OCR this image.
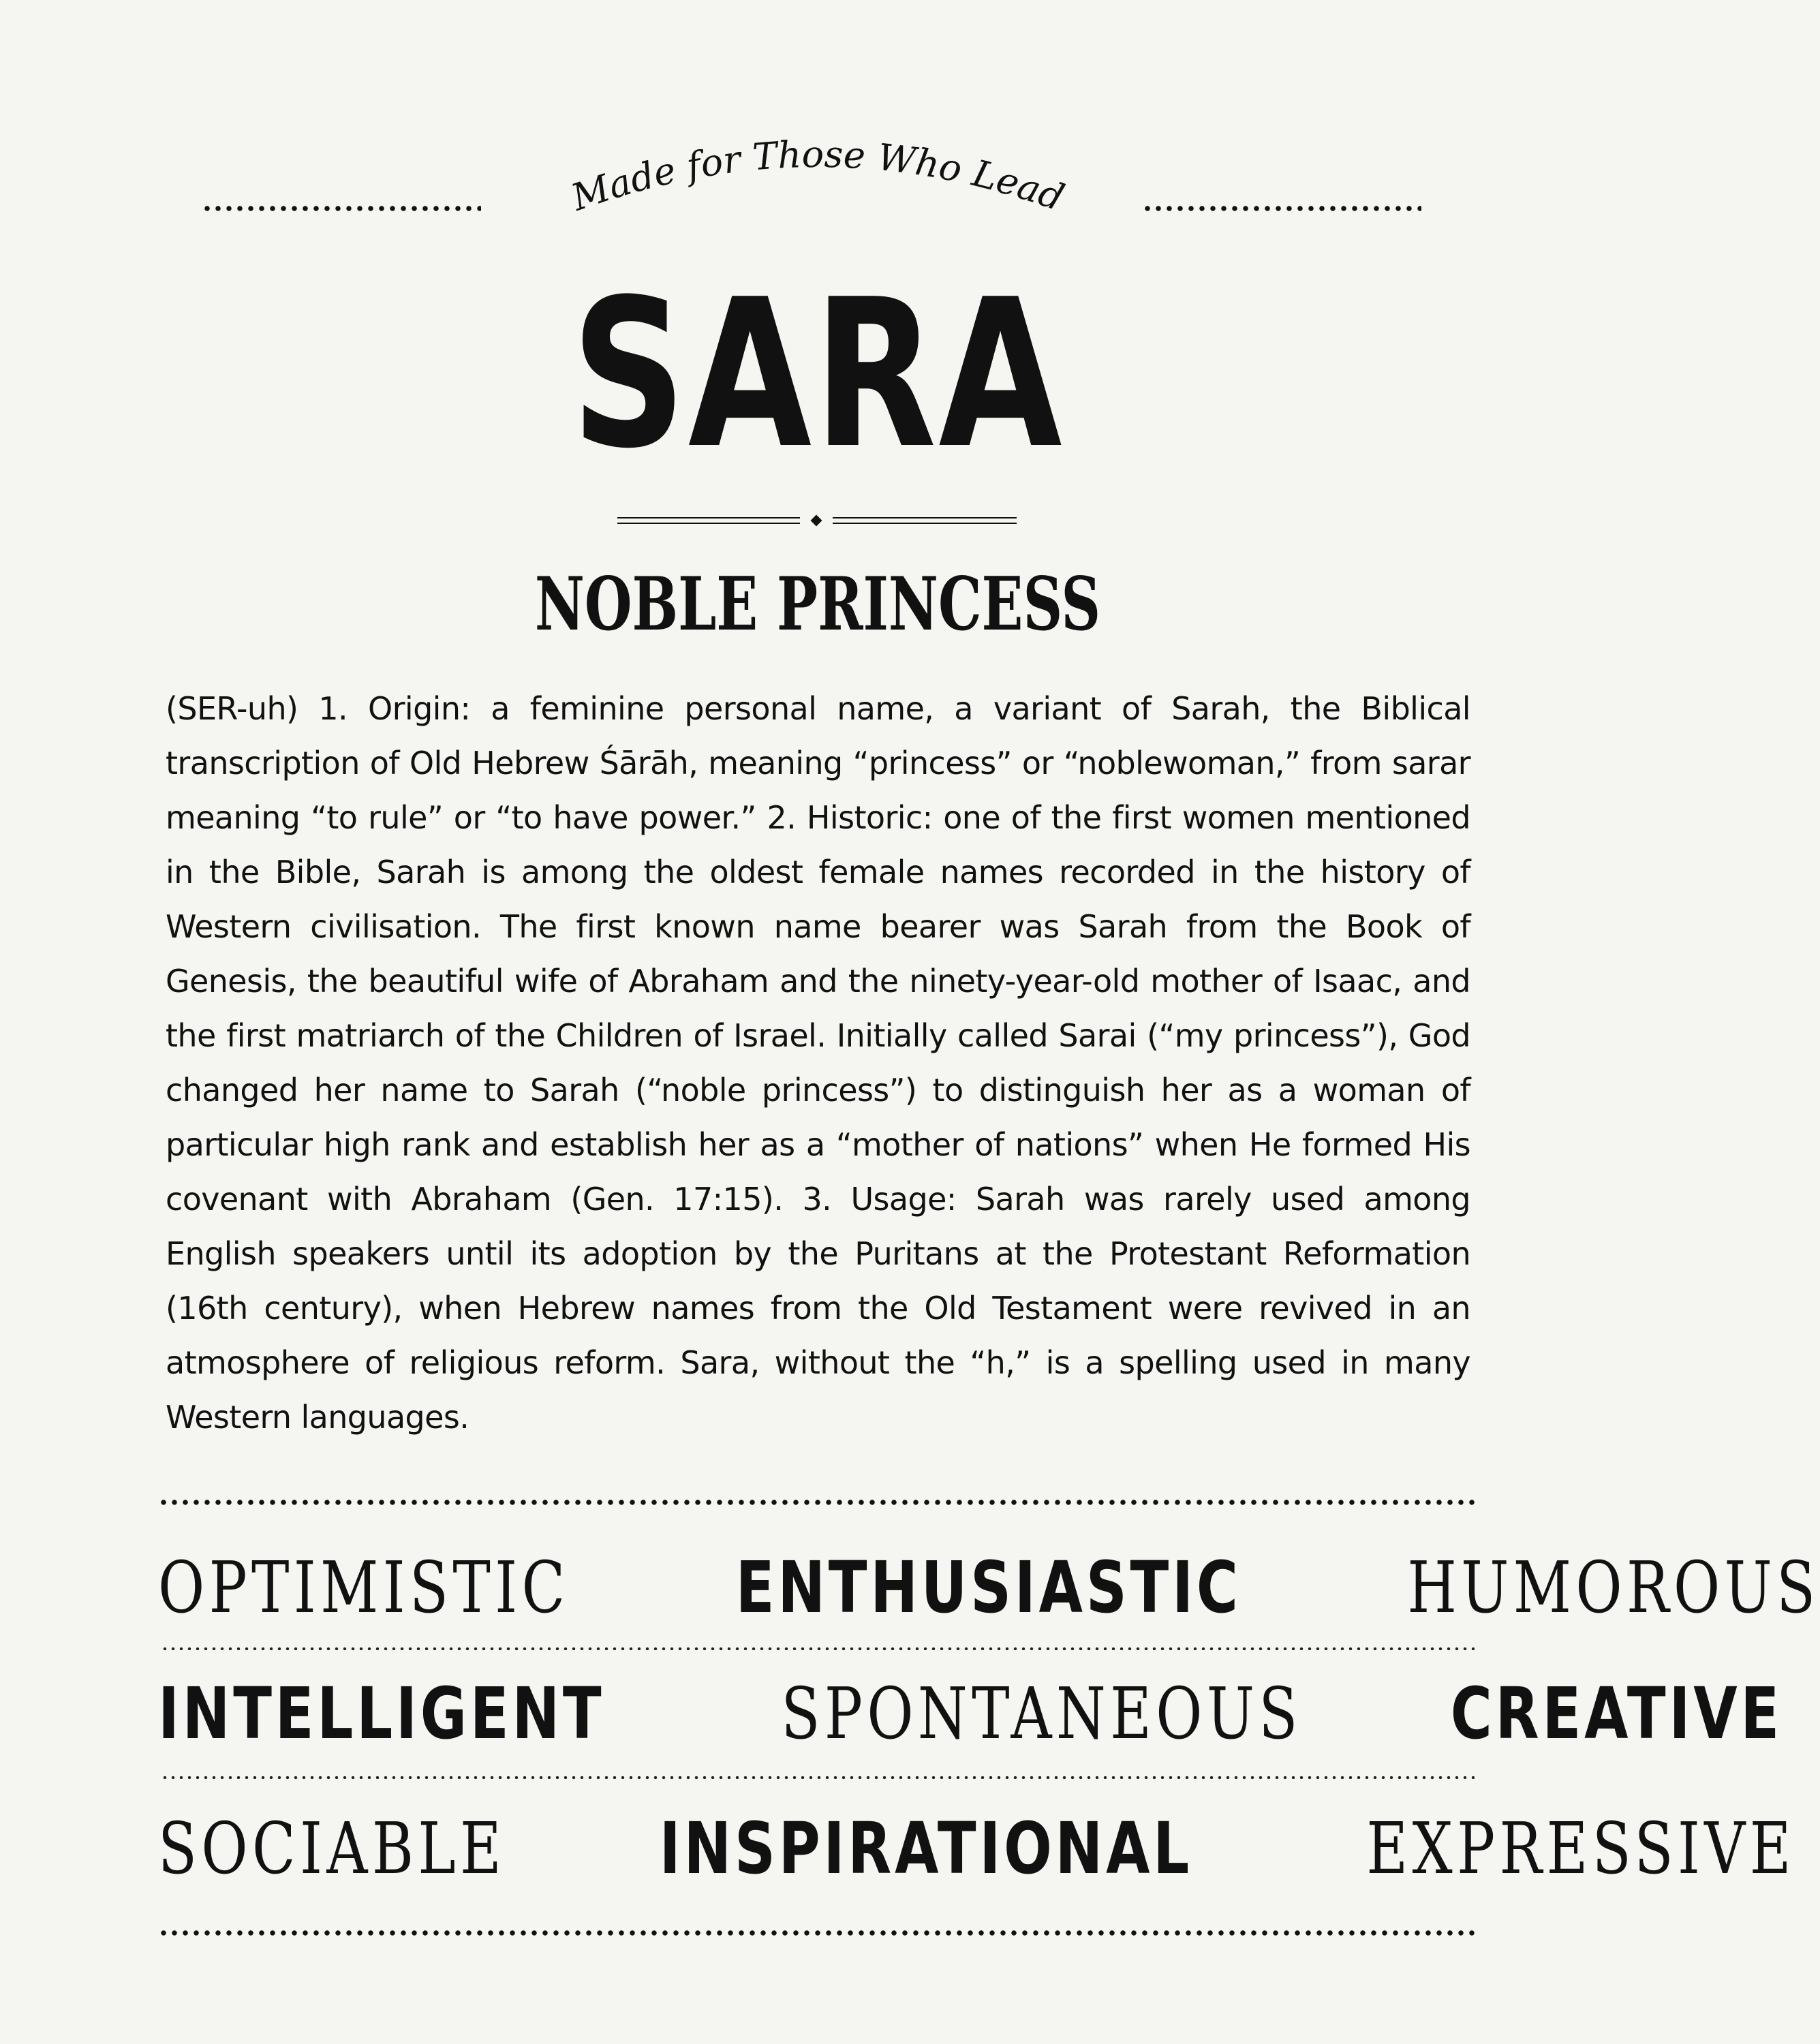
Made for Those Who Lead
SARA
NOBLE PRINCESS

(SER-uh) 1. Origin: a feminine personal name, a variant of Sarah, the Biblical transcription of Old Hebrew Śārāh, meaning “princess” or “noblewoman,” from sarar meaning “to rule” or “to have power.” 2. Historic: one of the first women mentioned in the Bible, Sarah is among the oldest female names recorded in the history of Western civilisation. The first known name bearer was Sarah from the Book of Genesis, the beautiful wife of Abraham and the ninety-year-old mother of Isaac, and the first matriarch of the Children of Israel. Initially called Sarai (“my princess”), God changed her name to Sarah (“noble princess”) to distinguish her as a woman of particular high rank and establish her as a “mother of nations” when He formed His covenant with Abraham (Gen. 17:15). 3. Usage: Sarah was rarely used among English speakers until its adoption by the Puritans at the Protestant Reformation (16th century), when Hebrew names from the Old Testament were revived in an atmosphere of religious reform. Sara, without the “h,” is a spelling used in many Western languages.

OPTIMISTIC ENTHUSIASTIC HUMOROUS
INTELLIGENT SPONTANEOUS CREATIVE
SOCIABLE INSPIRATIONAL EXPRESSIVE
